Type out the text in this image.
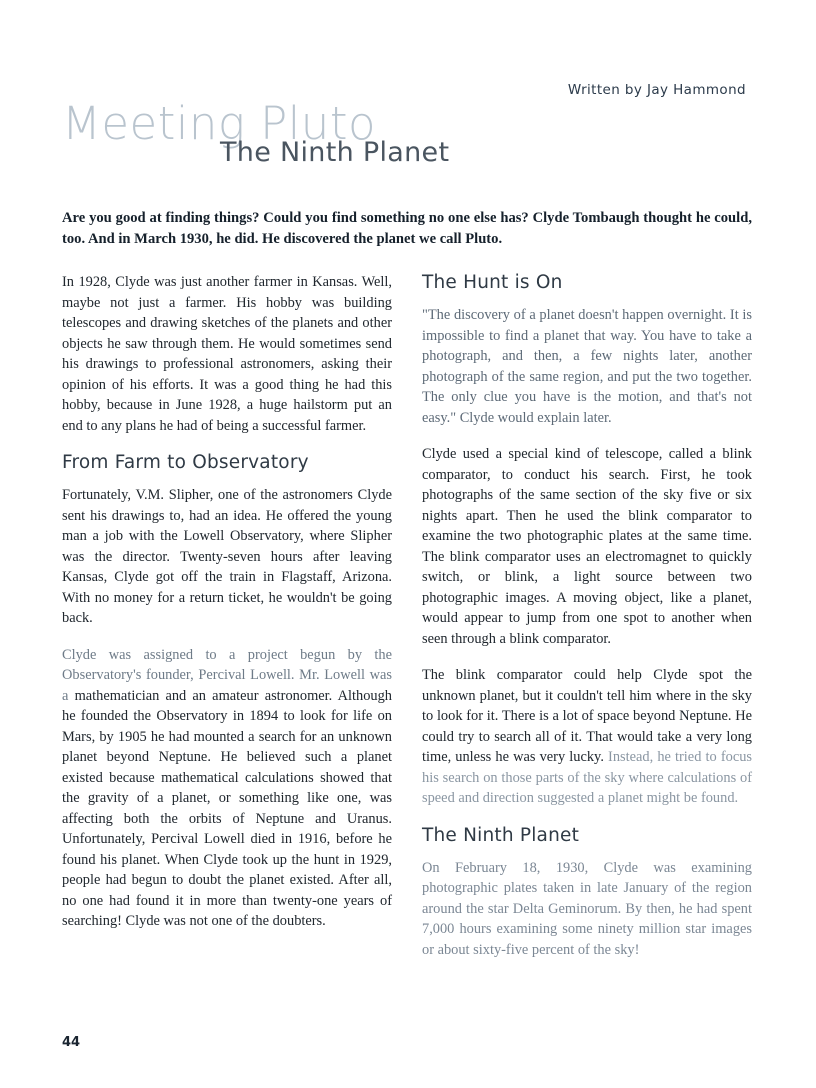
Written by Jay Hammond
Meeting Pluto
The Ninth Planet
Are you good at finding things? Could you find something no one else has? Clyde Tombaugh thought he could, too. And in March 1930, he did. He discovered the planet we call Pluto.

In 1928, Clyde was just another farmer in Kansas. Well, maybe not just a farmer. His hobby was building telescopes and drawing sketches of the planets and other objects he saw through them. He would sometimes send his drawings to professional astronomers, asking their opinion of his efforts. It was a good thing he had this hobby, because in June 1928, a huge hailstorm put an end to any plans he had of being a successful farmer.

From Farm to Observatory

Fortunately, V.M. Slipher, one of the astronomers Clyde sent his drawings to, had an idea. He offered the young man a job with the Lowell Observatory, where Slipher was the director. Twenty-seven hours after leaving Kansas, Clyde got off the train in Flagstaff, Arizona. With no money for a return ticket, he wouldn't be going back.

Clyde was assigned to a project begun by the Observatory's founder, Percival Lowell. Mr. Lowell was a mathematician and an amateur astronomer. Although he founded the Observatory in 1894 to look for life on Mars, by 1905 he had mounted a search for an unknown planet beyond Neptune. He believed such a planet existed because mathematical calculations showed that the gravity of a planet, or something like one, was affecting both the orbits of Neptune and Uranus. Unfortunately, Percival Lowell died in 1916, before he found his planet. When Clyde took up the hunt in 1929, people had begun to doubt the planet existed. After all, no one had found it in more than twenty-one years of searching! Clyde was not one of the doubters.

The Hunt is On

"The discovery of a planet doesn't happen overnight. It is impossible to find a planet that way. You have to take a photograph, and then, a few nights later, another photograph of the same region, and put the two together. The only clue you have is the motion, and that's not easy." Clyde would explain later.

Clyde used a special kind of telescope, called a blink comparator, to conduct his search. First, he took photographs of the same section of the sky five or six nights apart. Then he used the blink comparator to examine the two photographic plates at the same time. The blink comparator uses an electromagnet to quickly switch, or blink, a light source between two photographic images. A moving object, like a planet, would appear to jump from one spot to another when seen through a blink comparator.

The blink comparator could help Clyde spot the unknown planet, but it couldn't tell him where in the sky to look for it. There is a lot of space beyond Neptune. He could try to search all of it. That would take a very long time, unless he was very lucky. Instead, he tried to focus his search on those parts of the sky where calculations of speed and direction suggested a planet might be found.

The Ninth Planet

On February 18, 1930, Clyde was examining photographic plates taken in late January of the region around the star Delta Geminorum. By then, he had spent 7,000 hours examining some ninety million star images or about sixty-five percent of the sky!

44
